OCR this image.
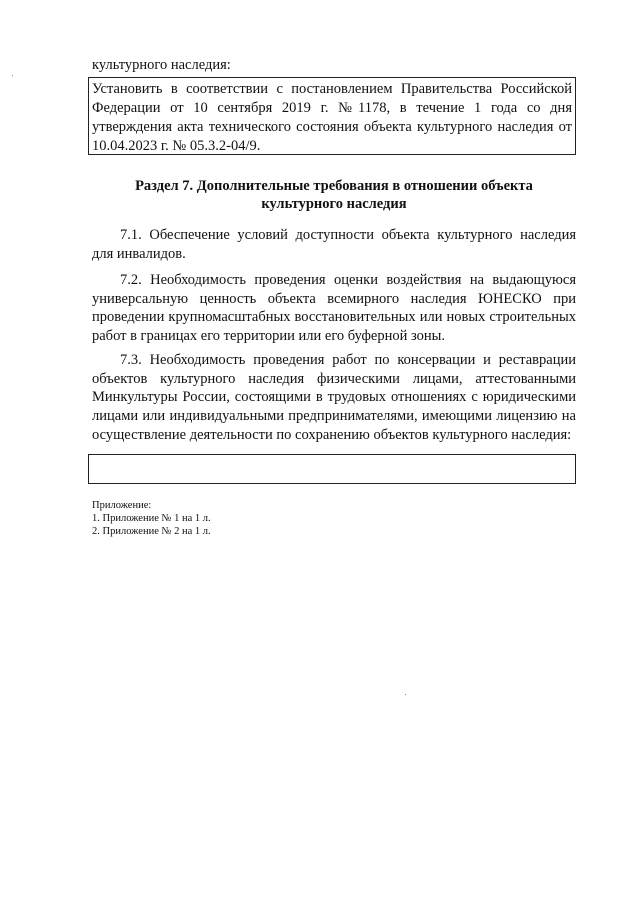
культурного наследия:
Установить в соответствии с постановлением Правительства Российской Федерации от 10 сентября 2019 г. №1178, в течение 1 года со дня утверждения акта технического состояния объекта культурного наследия от 10.04.2023 г. № 05.3.2-04/9.
Раздел 7. Дополнительные требования в отношении объекта
культурного наследия
7.1. Обеспечение условий доступности объекта культурного наследия для инвалидов.
7.2. Необходимость проведения оценки воздействия на выдающуюся универсальную ценность объекта всемирного наследия ЮНЕСКО при проведении крупномасштабных восстановительных или новых строительных работ в границах его территории или его буферной зоны.
7.3. Необходимость проведения работ по консервации и реставрации объектов культурного наследия физическими лицами, аттестованными Минкультуры России, состоящими в трудовых отношениях с юридическими лицами или индивидуальными предпринимателями, имеющими лицензию на осуществление деятельности по сохранению объектов культурного наследия:
Приложение:
1. Приложение № 1 на 1 л.
2. Приложение № 2 на 1 л.
